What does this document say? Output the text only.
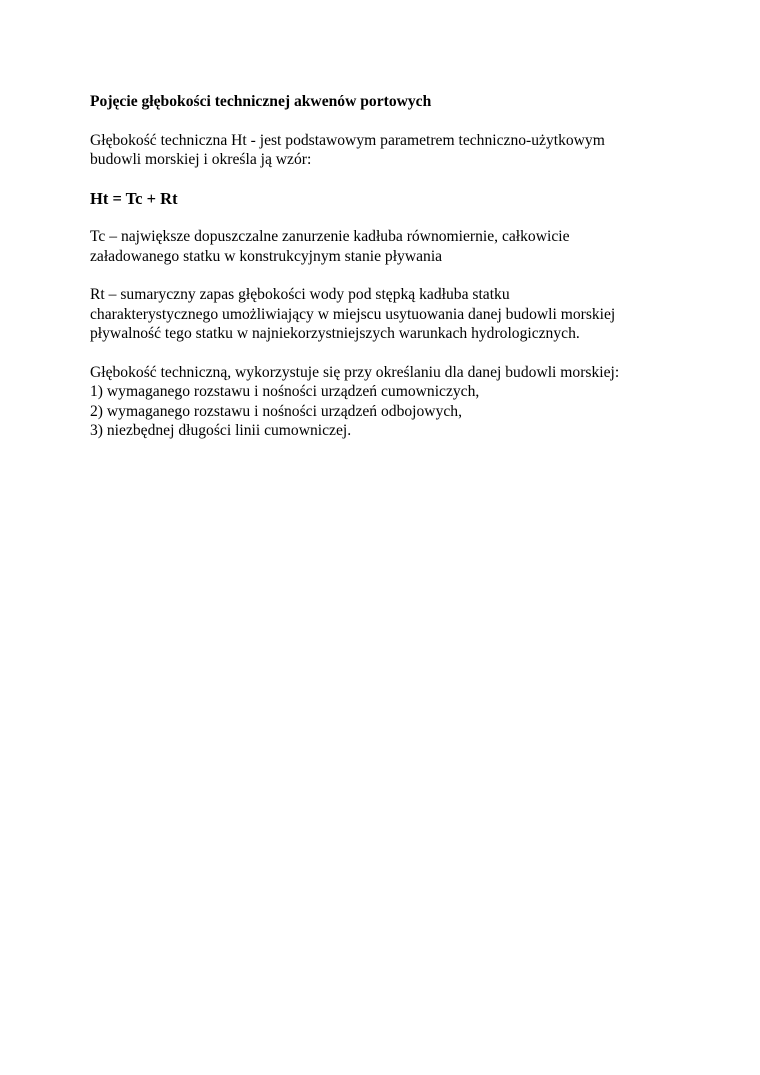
Pojęcie głębokości technicznej akwenów portowych
Głębokość techniczna Ht - jest podstawowym parametrem techniczno-użytkowym
budowli morskiej i określa ją wzór:
Ht = Tc + Rt
Tc – największe dopuszczalne zanurzenie kadłuba równomiernie, całkowicie
załadowanego statku w konstrukcyjnym stanie pływania
Rt – sumaryczny zapas głębokości wody pod stępką kadłuba statku
charakterystycznego umożliwiający w miejscu usytuowania danej budowli morskiej
pływalność tego statku w najniekorzystniejszych warunkach hydrologicznych.
Głębokość techniczną, wykorzystuje się przy określaniu dla danej budowli morskiej:
1) wymaganego rozstawu i nośności urządzeń cumowniczych,
2) wymaganego rozstawu i nośności urządzeń odbojowych,
3) niezbędnej długości linii cumowniczej.
